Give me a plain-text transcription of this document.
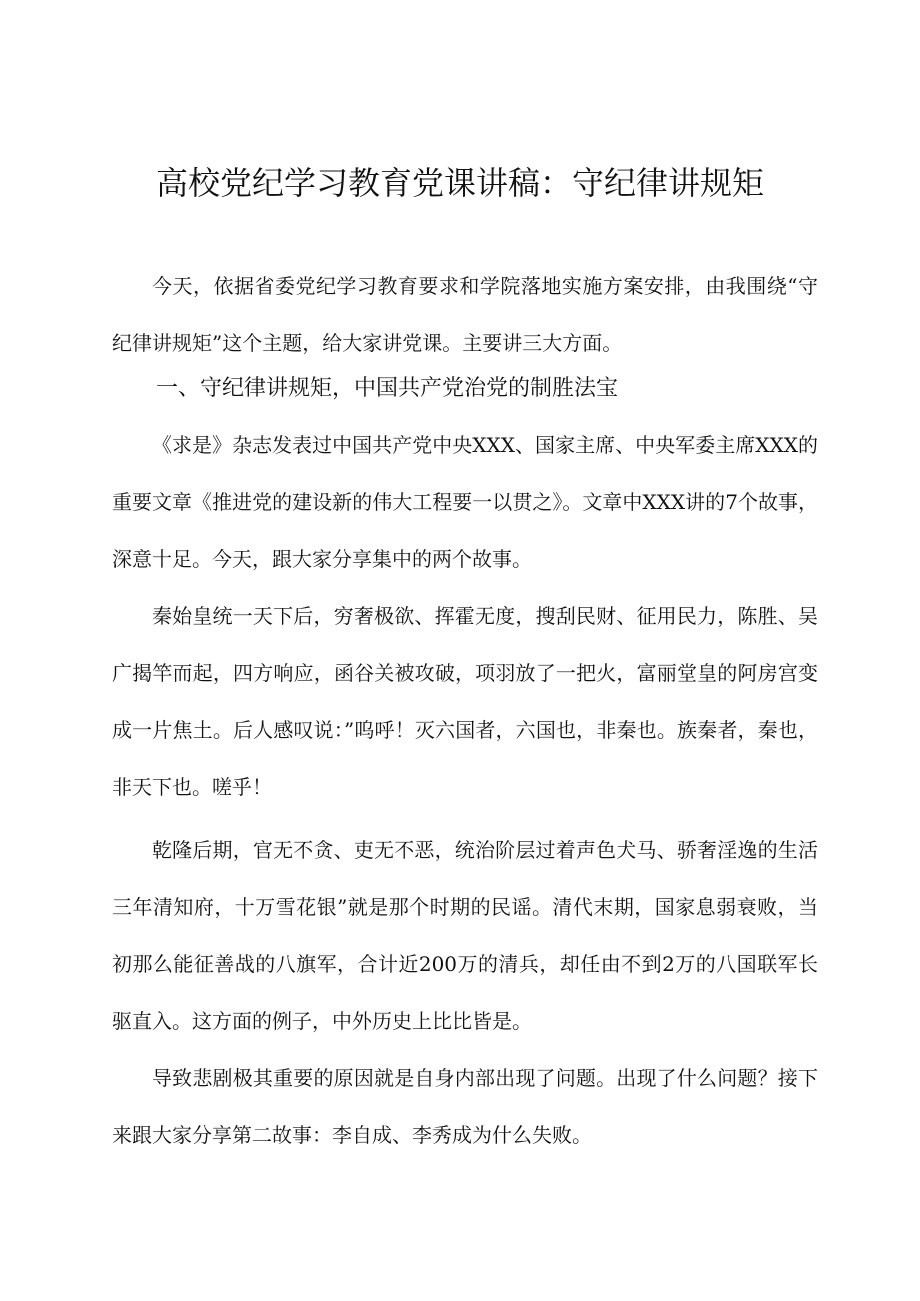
高校党纪学习教育党课讲稿：守纪律讲规矩

今天，依据省委党纪学习教育要求和学院落地实施方案安排，由我围绕“守纪律讲规矩”这个主题，给大家讲党课。主要讲三大方面。

一、守纪律讲规矩，中国共产党治党的制胜法宝

《求是》杂志发表过中国共产党中央XXX、国家主席、中央军委主席XXX的重要文章《推进党的建设新的伟大工程要一以贯之》。文章中XXX讲的7个故事，深意十足。今天，跟大家分享集中的两个故事。

秦始皇统一天下后，穷奢极欲、挥霍无度，搜刮民财、征用民力，陈胜、吴广揭竿而起，四方响应，函谷关被攻破，项羽放了一把火，富丽堂皇的阿房宫变成一片焦土。后人感叹说：”呜呼！灭六国者，六国也，非秦也。族秦者，秦也，非天下也。嗟乎！

乾隆后期，官无不贪、吏无不恶，统治阶层过着声色犬马、骄奢淫逸的生活三年清知府，十万雪花银”就是那个时期的民谣。清代末期，国家息弱衰败，当初那么能征善战的八旗军，合计近200万的清兵，却任由不到2万的八国联军长驱直入。这方面的例子，中外历史上比比皆是。

导致悲剧极其重要的原因就是自身内部出现了问题。出现了什么问题？接下来跟大家分享第二故事：李自成、李秀成为什么失败。
